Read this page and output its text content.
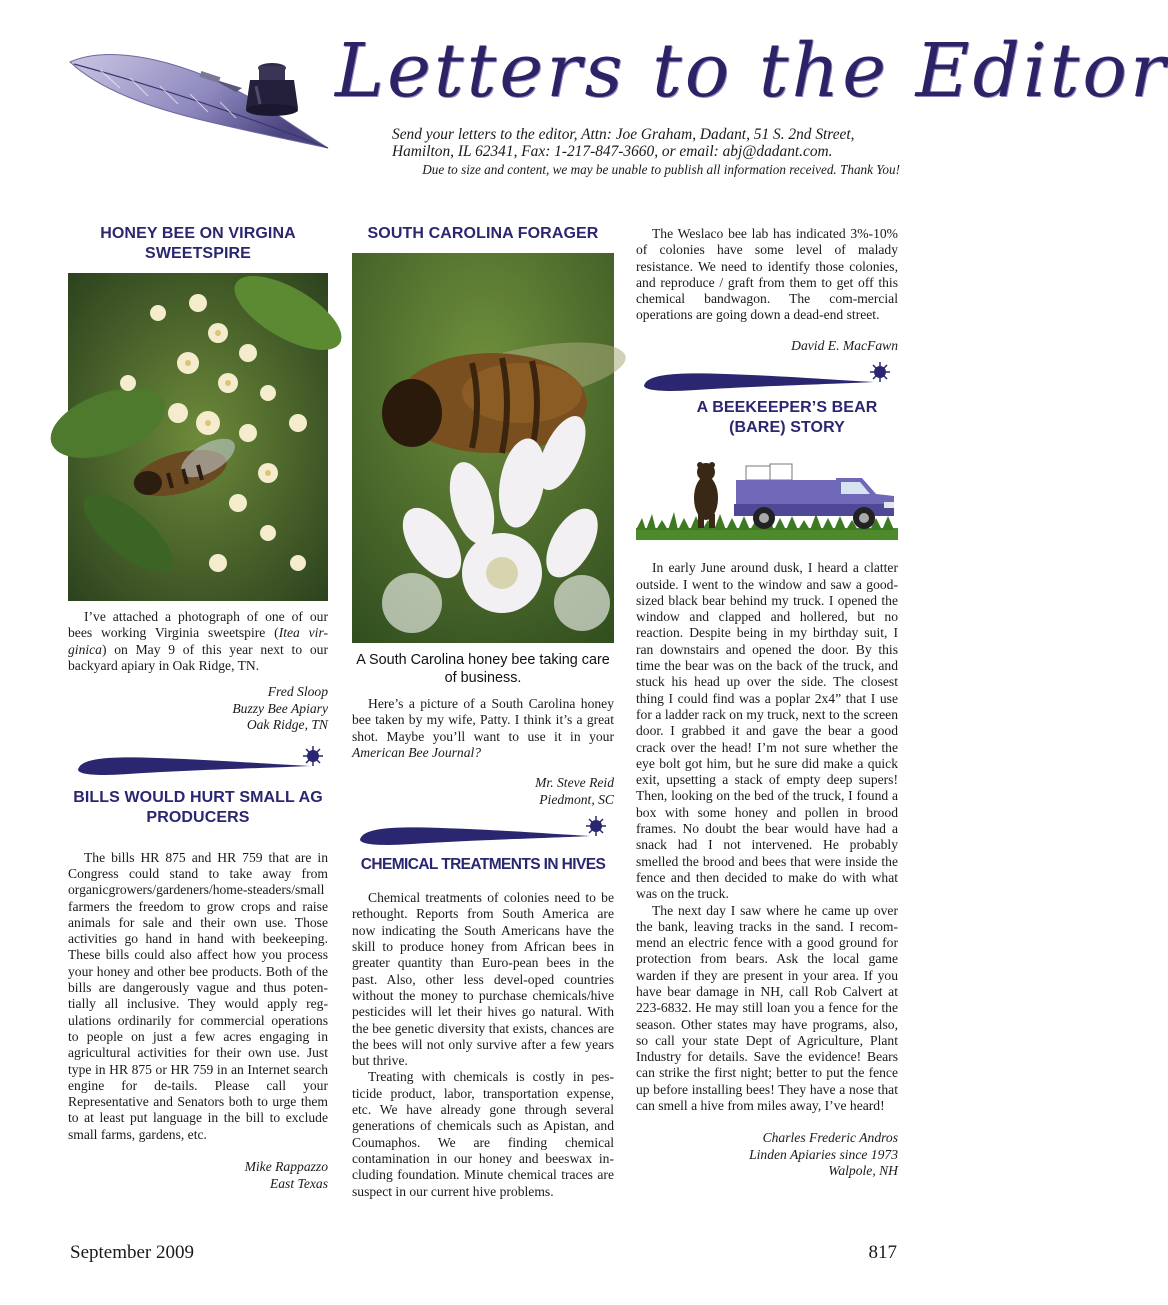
Letters to the Editor
Send your letters to the editor, Attn: Joe Graham, Dadant, 51 S. 2nd Street, Hamilton, IL 62341, Fax: 1-217-847-3660, or email: abj@dadant.com.
Due to size and content, we may be unable to publish all information received. Thank You!
HONEY BEE ON VIRGINA SWEETSPIRE

I’ve attached a photograph of one of our bees working Virginia sweetspire (Itea vir-ginica) on May 9 of this year next to our backyard apiary in Oak Ridge, TN.

Fred Sloop
Buzzy Bee Apiary
Oak Ridge, TN
BILLS WOULD HURT SMALL AG PRODUCERS

The bills HR 875 and HR 759 that are in Congress could stand to take away from organicgrowers/gardeners/home-steaders/small farmers the freedom to grow crops and raise animals for sale and their own use. Those activities go hand in hand with beekeeping. These bills could also affect how you process your honey and other bee products. Both of the bills are dangerously vague and thus poten-tially all inclusive. They would apply reg-ulations ordinarily for commercial operations to people on just a few acres engaging in agricultural activities for their own use. Just type in HR 875 or HR 759 in an Internet search engine for de-tails. Please call your Representative and Senators both to urge them to at least put language in the bill to exclude small farms, gardens, etc.

Mike Rappazzo
East Texas
SOUTH CAROLINA FORAGER
A South Carolina honey bee taking care of business.

Here’s a picture of a South Carolina honey bee taken by my wife, Patty. I think it’s a great shot. Maybe you’ll want to use it in your American Bee Journal?

Mr. Steve Reid
Piedmont, SC
CHEMICAL TREATMENTS IN HIVES

Chemical treatments of colonies need to be rethought. Reports from South America are now indicating the South Americans have the skill to produce honey from African bees in greater quantity than Euro-pean bees in the past. Also, other less devel-oped countries without the money to purchase chemicals/hive pesticides will let their hives go natural. With the bee genetic diversity that exists, chances are the bees will not only survive after a few years but thrive.

Treating with chemicals is costly in pes-ticide product, labor, transportation expense, etc. We have already gone through several generations of chemicals such as Apistan, and Coumaphos. We are finding chemical contamination in our honey and beeswax in-cluding foundation. Minute chemical traces are suspect in our current hive problems.

The Weslaco bee lab has indicated 3%-10% of colonies have some level of malady resistance. We need to identify those colonies, and reproduce / graft from them to get off this chemical bandwagon. The com-mercial operations are going down a dead-end street.

David E. MacFawn
A BEEKEEPER’S BEAR (BARE) STORY

In early June around dusk, I heard a clatter outside. I went to the window and saw a good-sized black bear behind my truck. I opened the window and clapped and hollered, but no reaction. Despite being in my birthday suit, I ran downstairs and opened the door. By this time the bear was on the back of the truck, and stuck his head up over the side. The closest thing I could find was a poplar 2x4” that I use for a ladder rack on my truck, next to the screen door. I grabbed it and gave the bear a good crack over the head! I’m not sure whether the eye bolt got him, but he sure did make a quick exit, upsetting a stack of empty deep supers! Then, looking on the bed of the truck, I found a box with some honey and pollen in brood frames. No doubt the bear would have had a snack had I not intervened. He probably smelled the brood and bees that were inside the fence and then decided to make do with what was on the truck.

The next day I saw where he came up over the bank, leaving tracks in the sand. I recom-mend an electric fence with a good ground for protection from bears. Ask the local game warden if they are present in your area. If you have bear damage in NH, call Rob Calvert at 223-6832. He may still loan you a fence for the season. Other states may have programs, also, so call your state Dept of Agriculture, Plant Industry for details. Save the evidence! Bears can strike the first night; better to put the fence up before installing bees! They have a nose that can smell a hive from miles away, I’ve heard!

Charles Frederic Andros
Linden Apiaries since 1973
Walpole, NH
September 2009	817
